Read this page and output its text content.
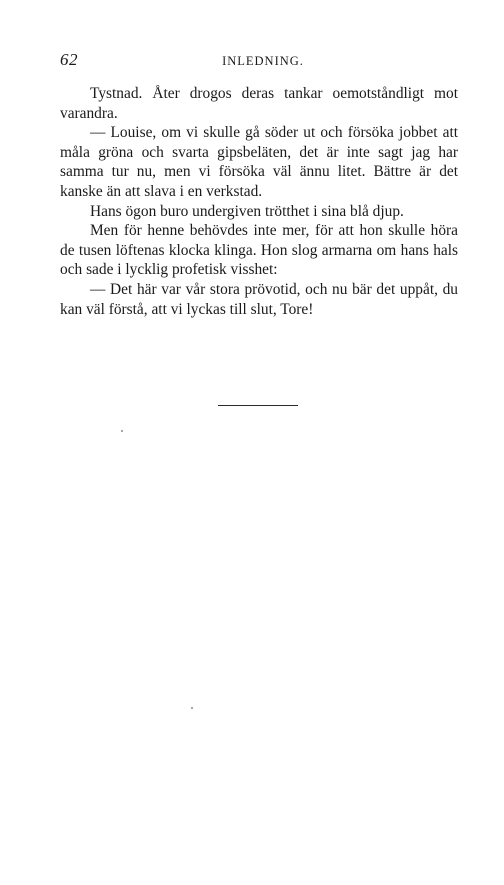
62	INLEDNING.

Tystnad. Åter drogos deras tankar oemotståndligt mot varandra.

— Louise, om vi skulle gå söder ut och försöka jobbet att måla gröna och svarta gipsbeläten, det är inte sagt jag har samma tur nu, men vi försöka väl ännu litet. Bättre är det kanske än att slava i en verkstad.

Hans ögon buro undergiven trötthet i sina blå djup.

Men för henne behövdes inte mer, för att hon skulle höra de tusen löftenas klocka klinga. Hon slog armarna om hans hals och sade i lycklig profetisk visshet:

— Det här var vår stora prövotid, och nu bär det uppåt, du kan väl förstå, att vi lyckas till slut, Tore!
